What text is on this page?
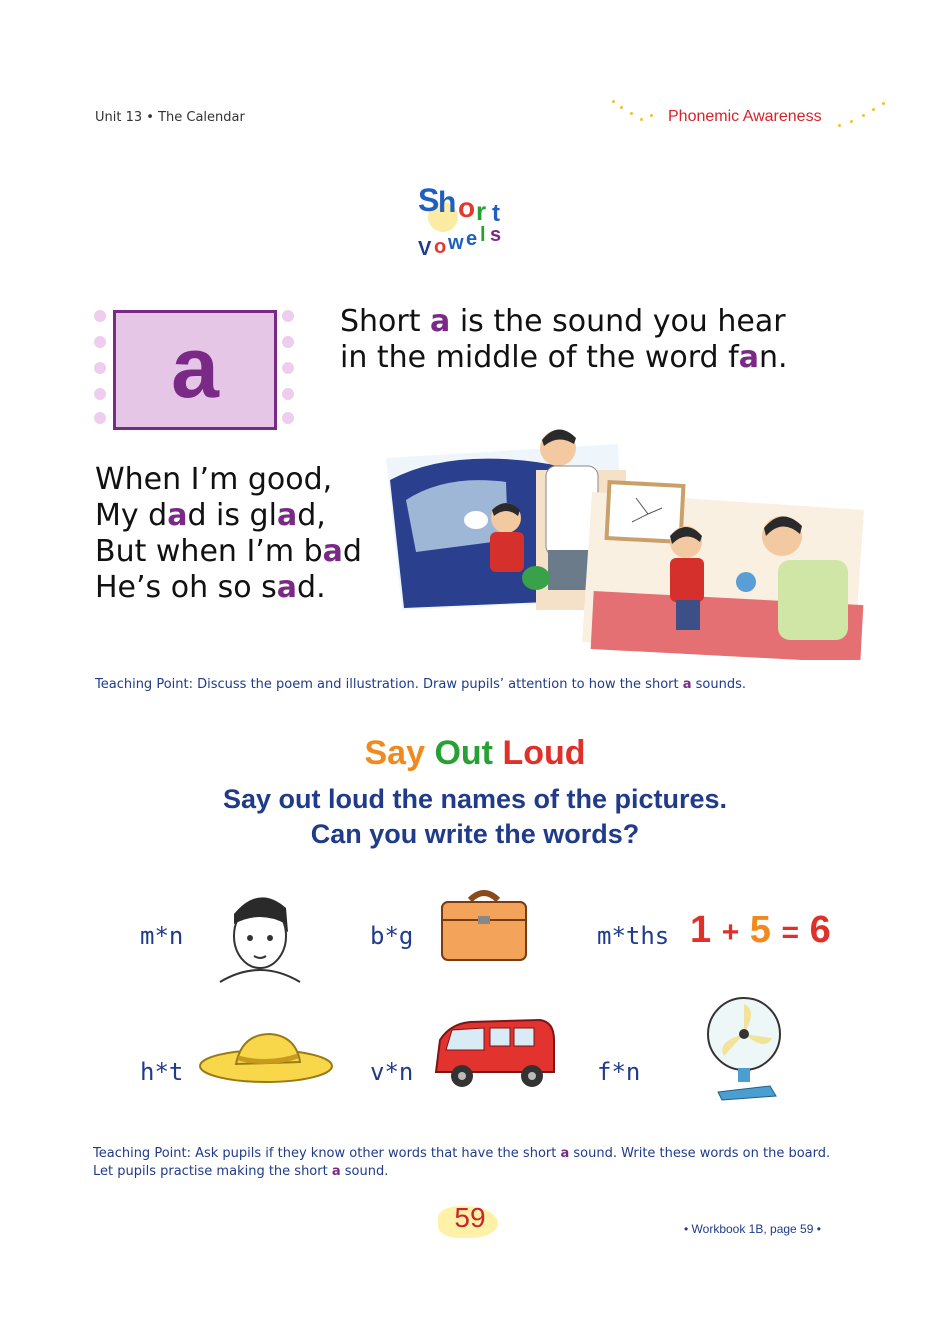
Unit 13 • The Calendar	Phonemic Awareness
S
h o r t
V o w e l s
a	Short a is the sound you hear
in the middle of the word fan.
When I’m good,
My dad is glad,
But when I’m bad
He’s oh so sad.
Teaching Point: Discuss the poem and illustration. Draw pupils’ attention to how the short a sounds.
Say Out Loud
Say out loud the names of the pictures.
Can you write the words?
m*n	b*g	m*ths
h*t	v*n	f*n
1 + 5 = 6
Teaching Point: Ask pupils if they know other words that have the short a sound. Write these words on the board. Let pupils practise making the short a sound.
59	• Workbook 1B, page 59 •
